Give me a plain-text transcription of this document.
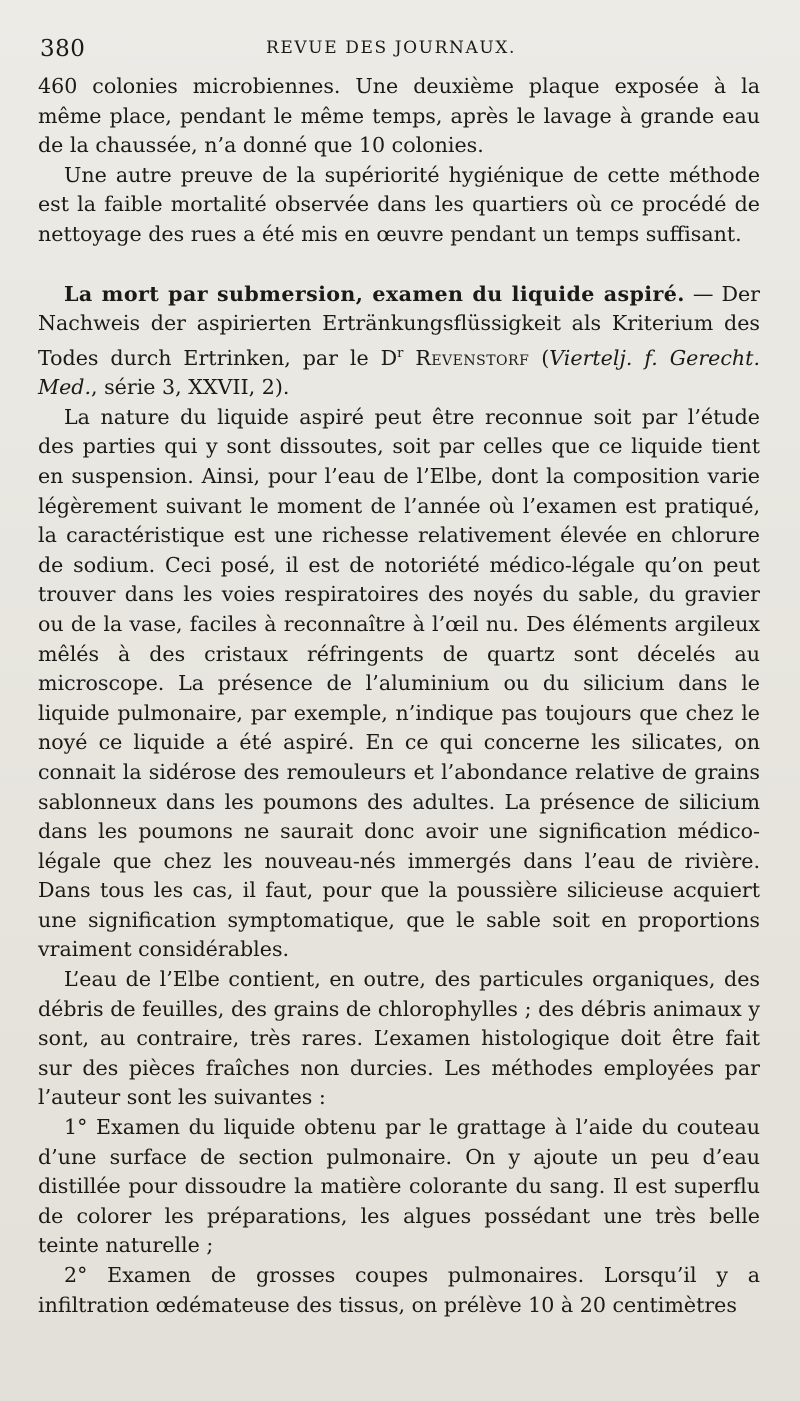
380	REVUE DES JOURNAUX.

460 colonies microbiennes. Une deuxième plaque exposée à la même place, pendant le même temps, après le lavage à grande eau de la chaussée, n’a donné que 10 colonies.

Une autre preuve de la supériorité hygiénique de cette méthode est la faible mortalité observée dans les quartiers où ce procédé de nettoyage des rues a été mis en œuvre pendant un temps suffisant.

La mort par submersion, examen du liquide aspiré. — Der Nachweis der aspirierten Ertränkungsflüssigkeit als Kriterium des Todes durch Ertrinken, par le $D^r$ Revenstorf (Viertelj. f. Gerecht. Med., série 3, XXVII, 2).

La nature du liquide aspiré peut être reconnue soit par l’étude des parties qui y sont dissoutes, soit par celles que ce liquide tient en suspension. Ainsi, pour l’eau de l’Elbe, dont la composition varie légèrement suivant le moment de l’année où l’examen est pratiqué, la caractéristique est une richesse relativement élevée en chlorure de sodium. Ceci posé, il est de notoriété médico-légale qu’on peut trouver dans les voies respiratoires des noyés du sable, du gravier ou de la vase, faciles à reconnaître à l’œil nu. Des éléments argileux mêlés à des cristaux réfringents de quartz sont décelés au microscope. La présence de l’aluminium ou du silicium dans le liquide pulmonaire, par exemple, n’indique pas toujours que chez le noyé ce liquide a été aspiré. En ce qui concerne les silicates, on connait la sidérose des remouleurs et l’abondance relative de grains sablonneux dans les poumons des adultes. La présence de silicium dans les poumons ne saurait donc avoir une signification médico-légale que chez les nouveau-nés immergés dans l’eau de rivière. Dans tous les cas, il faut, pour que la poussière silicieuse acquiert une signification symptomatique, que le sable soit en proportions vraiment considérables.

L’eau de l’Elbe contient, en outre, des particules organiques, des débris de feuilles, des grains de chlorophylles ; des débris animaux y sont, au contraire, très rares. L’examen histologique doit être fait sur des pièces fraîches non durcies. Les méthodes employées par l’auteur sont les suivantes :

1° Examen du liquide obtenu par le grattage à l’aide du couteau d’une surface de section pulmonaire. On y ajoute un peu d’eau distillée pour dissoudre la matière colorante du sang. Il est superflu de colorer les préparations, les algues possédant une très belle teinte naturelle ;

2° Examen de grosses coupes pulmonaires. Lorsqu’il y a infiltration œdémateuse des tissus, on prélève 10 à 20 centimètres
